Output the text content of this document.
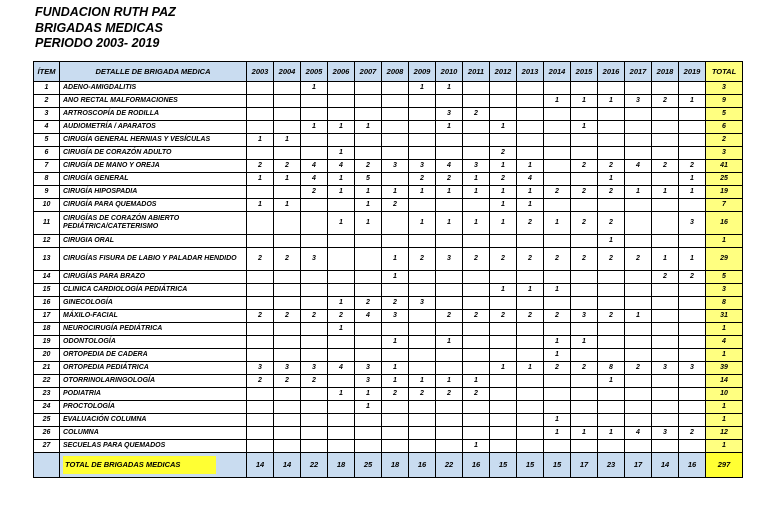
FUNDACION RUTH PAZ
BRIGADAS MEDICAS
PERIODO 2003- 2019
ÍTEM	DETALLE DE BRIGADA MEDICA	2003	2004	2005	2006	2007	2008	2009	2010	2011	2012	2013	2014	2015	2016	2017	2018	2019	TOTAL
1	ADENO-AMIGDALITIS			1				1	1										3
2	ANO RECTAL MALFORMACIONES												1	1	1	3	2	1	9
3	ARTROSCOPÍA DE RODILLA								3	2									5
4	AUDIOMETRÍA / APARATOS			1	1	1			1		1			1					6
5	CIRUGÍA GENERAL HERNIAS Y VESÍCULAS	1	1																2
6	CIRUGÍA DE CORAZÓN ADULTO				1						2								3
7	CIRUGÍA DE MANO Y OREJA	2	2	4	4	2	3	3	4	3	1	1		2	2	4	2	2	41
8	CIRUGÍA GENERAL	1	1	4	1	5		2	2	1	2	4			1			1	25
9	CIRUGÍA HIPOSPADIA			2	1	1	1	1	1	1	1	1	2	2	2	1	1	1	19
10	CIRUGÍA PARA QUEMADOS	1	1			1	2				1	1							7
11	CIRUGÍAS DE CORAZÓN ABIERTO PEDIÁTRICA/CATETERISMO				1	1		1	1	1	1	2	1	2	2			3	16
12	CIRUGIA ORAL														1				1
13	CIRUGÍAS FISURA DE LABIO Y PALADAR HENDIDO	2	2	3			1	2	3	2	2	2	2	2	2	2	1	1	29
14	CIRUGÍAS PARA BRAZO						1										2	2	5
15	CLINICA CARDIOLOGÍA PEDIÁTRICA										1	1	1						3
16	GINECOLOGÍA				1	2	2	3											8
17	MÁXILO-FACIAL	2	2	2	2	4	3		2	2	2	2	2	3	2	1			31
18	NEUROCIRUGÍA PEDIÁTRICA				1														1
19	ODONTOLOGÍA						1		1				1	1					4
20	ORTOPEDIA DE CADERA												1						1
21	ORTOPEDIA PEDIÁTRICA	3	3	3	4	3	1				1	1	2	2	8	2	3	3	39
22	OTORRINOLARINGOLOGÍA	2	2	2		3	1	1	1	1					1				14
23	PODIATRIA				1	1	2	2	2	2									10
24	PROCTOLOGÍA					1													1
25	EVALUACIÓN COLUMNA												1						1
26	COLUMNA												1	1	1	4	3	2	12
27	SECUELAS PARA QUEMADOS									1									1
	TOTAL DE BRIGADAS MEDICAS	14	14	22	18	25	18	16	22	16	15	15	15	17	23	17	14	16	297
